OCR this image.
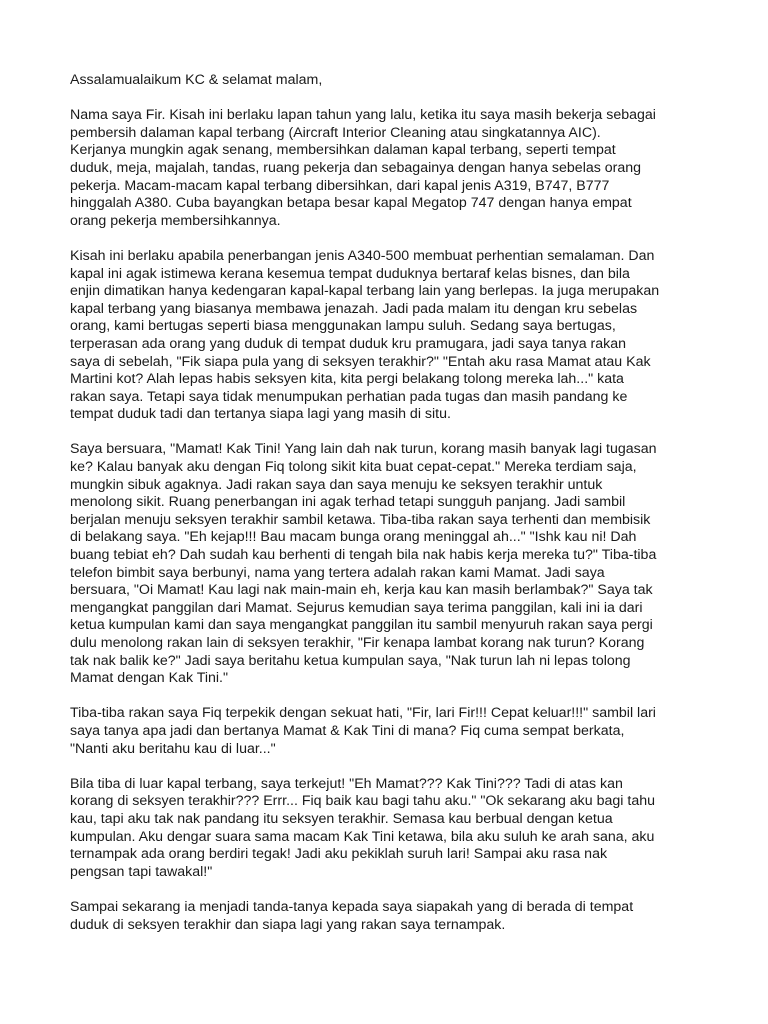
Assalamualaikum KC & selamat malam,

Nama saya Fir. Kisah ini berlaku lapan tahun yang lalu, ketika itu saya masih bekerja sebagai
pembersih dalaman kapal terbang (Aircraft Interior Cleaning atau singkatannya AIC).
Kerjanya mungkin agak senang, membersihkan dalaman kapal terbang, seperti tempat
duduk, meja, majalah, tandas, ruang pekerja dan sebagainya dengan hanya sebelas orang
pekerja. Macam-macam kapal terbang dibersihkan, dari kapal jenis A319, B747, B777
hinggalah A380. Cuba bayangkan betapa besar kapal Megatop 747 dengan hanya empat
orang pekerja membersihkannya.

Kisah ini berlaku apabila penerbangan jenis A340-500 membuat perhentian semalaman. Dan
kapal ini agak istimewa kerana kesemua tempat duduknya bertaraf kelas bisnes, dan bila
enjin dimatikan hanya kedengaran kapal-kapal terbang lain yang berlepas. Ia juga merupakan
kapal terbang yang biasanya membawa jenazah. Jadi pada malam itu dengan kru sebelas
orang, kami bertugas seperti biasa menggunakan lampu suluh. Sedang saya bertugas,
terperasan ada orang yang duduk di tempat duduk kru pramugara, jadi saya tanya rakan
saya di sebelah, "Fik siapa pula yang di seksyen terakhir?" "Entah aku rasa Mamat atau Kak
Martini kot? Alah lepas habis seksyen kita, kita pergi belakang tolong mereka lah..." kata
rakan saya. Tetapi saya tidak menumpukan perhatian pada tugas dan masih pandang ke
tempat duduk tadi dan tertanya siapa lagi yang masih di situ.

Saya bersuara, "Mamat! Kak Tini! Yang lain dah nak turun, korang masih banyak lagi tugasan
ke? Kalau banyak aku dengan Fiq tolong sikit kita buat cepat-cepat." Mereka terdiam saja,
mungkin sibuk agaknya. Jadi rakan saya dan saya menuju ke seksyen terakhir untuk
menolong sikit. Ruang penerbangan ini agak terhad tetapi sungguh panjang. Jadi sambil
berjalan menuju seksyen terakhir sambil ketawa. Tiba-tiba rakan saya terhenti dan membisik
di belakang saya. "Eh kejap!!! Bau macam bunga orang meninggal ah..." "Ishk kau ni! Dah
buang tebiat eh? Dah sudah kau berhenti di tengah bila nak habis kerja mereka tu?" Tiba-tiba
telefon bimbit saya berbunyi, nama yang tertera adalah rakan kami Mamat. Jadi saya
bersuara, "Oi Mamat! Kau lagi nak main-main eh, kerja kau kan masih berlambak?" Saya tak
mengangkat panggilan dari Mamat. Sejurus kemudian saya terima panggilan, kali ini ia dari
ketua kumpulan kami dan saya mengangkat panggilan itu sambil menyuruh rakan saya pergi
dulu menolong rakan lain di seksyen terakhir, "Fir kenapa lambat korang nak turun? Korang
tak nak balik ke?" Jadi saya beritahu ketua kumpulan saya, "Nak turun lah ni lepas tolong
Mamat dengan Kak Tini."

Tiba-tiba rakan saya Fiq terpekik dengan sekuat hati, "Fir, lari Fir!!! Cepat keluar!!!" sambil lari
saya tanya apa jadi dan bertanya Mamat & Kak Tini di mana? Fiq cuma sempat berkata,
"Nanti aku beritahu kau di luar..."

Bila tiba di luar kapal terbang, saya terkejut! "Eh Mamat??? Kak Tini??? Tadi di atas kan
korang di seksyen terakhir??? Errr... Fiq baik kau bagi tahu aku." "Ok sekarang aku bagi tahu
kau, tapi aku tak nak pandang itu seksyen terakhir. Semasa kau berbual dengan ketua
kumpulan. Aku dengar suara sama macam Kak Tini ketawa, bila aku suluh ke arah sana, aku
ternampak ada orang berdiri tegak! Jadi aku pekiklah suruh lari! Sampai aku rasa nak
pengsan tapi tawakal!"

Sampai sekarang ia menjadi tanda-tanya kepada saya siapakah yang di berada di tempat
duduk di seksyen terakhir dan siapa lagi yang rakan saya ternampak.
